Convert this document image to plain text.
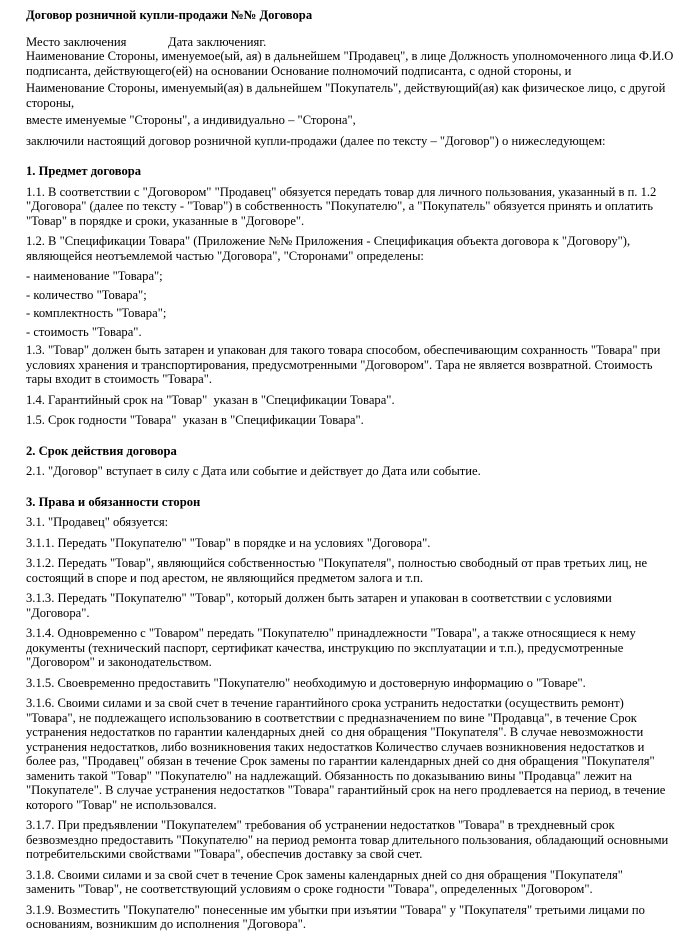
Договор розничной купли-продажи №№ Договора

Место заключения	Дата заключенияг.

Наименование Стороны, именуемое(ый, ая) в дальнейшем "Продавец", в лице Должность уполномоченного лица Ф.И.О подписанта, действующего(ей) на основании Основание полномочий подписанта, с одной стороны, и

Наименование Стороны, именуемый(ая) в дальнейшем "Покупатель", действующий(ая) как физическое лицо, с другой стороны,

вместе именуемые "Стороны", а индивидуально – "Сторона",

заключили настоящий договор розничной купли-продажи (далее по тексту – "Договор") о нижеследующем:

1. Предмет договора

1.1. В соответствии с "Договором" "Продавец" обязуется передать товар для личного пользования, указанный в п. 1.2 "Договора" (далее по тексту - "Товар") в собственность "Покупателю", а "Покупатель" обязуется принять и оплатить "Товар" в порядке и сроки, указанные в "Договоре".

1.2. В "Спецификации Товара" (Приложение №№ Приложения - Спецификация объекта договора к "Договору"), являющейся неотъемлемой частью "Договора", "Сторонами" определены:

- наименование "Товара";

- количество "Товара";

- комплектность "Товара";

- стоимость "Товара".

1.3. "Товар" должен быть затарен и упакован для такого товара способом, обеспечивающим сохранность "Товара" при условиях хранения и транспортирования, предусмотренными "Договором". Тара не является возвратной. Стоимость тары входит в стоимость "Товара".

1.4. Гарантийный срок на "Товар"  указан в "Спецификации Товара".

1.5. Срок годности "Товара"  указан в "Спецификации Товара".

2. Срок действия договора

2.1. "Договор" вступает в силу с Дата или событие и действует до Дата или событие.

3. Права и обязанности сторон

3.1. "Продавец" обязуется:

3.1.1. Передать "Покупателю" "Товар" в порядке и на условиях "Договора".

3.1.2. Передать "Товар", являющийся собственностью "Покупателя", полностью свободный от прав третьих лиц, не состоящий в споре и под арестом, не являющийся предметом залога и т.п.

3.1.3. Передать "Покупателю" "Товар", который должен быть затарен и упакован в соответствии с условиями "Договора".

3.1.4. Одновременно с "Товаром" передать "Покупателю" принадлежности "Товара", а также относящиеся к нему документы (технический паспорт, сертификат качества, инструкцию по эксплуатации и т.п.), предусмотренные "Договором" и законодательством.

3.1.5. Своевременно предоставить "Покупателю" необходимую и достоверную информацию о "Товаре".

3.1.6. Своими силами и за свой счет в течение гарантийного срока устранить недостатки (осуществить ремонт) "Товара", не подлежащего использованию в соответствии с предназначением по вине "Продавца", в течение Срок устранения недостатков по гарантии календарных дней  со дня обращения "Покупателя". В случае невозможности устранения недостатков, либо возникновения таких недостатков Количество случаев возникновения недостатков и более раз, "Продавец" обязан в течение Срок замены по гарантии календарных дней со дня обращения "Покупателя" заменить такой "Товар" "Покупателю" на надлежащий. Обязанность по доказыванию вины "Продавца" лежит на "Покупателе". В случае устранения недостатков "Товара" гарантийный срок на него продлевается на период, в течение которого "Товар" не использовался.

3.1.7. При предъявлении "Покупателем" требования об устранении недостатков "Товара" в трехдневный срок безвозмездно предоставить "Покупателю" на период ремонта товар длительного пользования, обладающий основными потребительскими свойствами "Товара", обеспечив доставку за свой счет.

3.1.8. Своими силами и за свой счет в течение Срок замены календарных дней со дня обращения "Покупателя" заменить "Товар", не соответствующий условиям о сроке годности "Товара", определенных "Договором".

3.1.9. Возместить "Покупателю" понесенные им убытки при изъятии "Товара" у "Покупателя" третьими лицами по основаниям, возникшим до исполнения "Договора".
